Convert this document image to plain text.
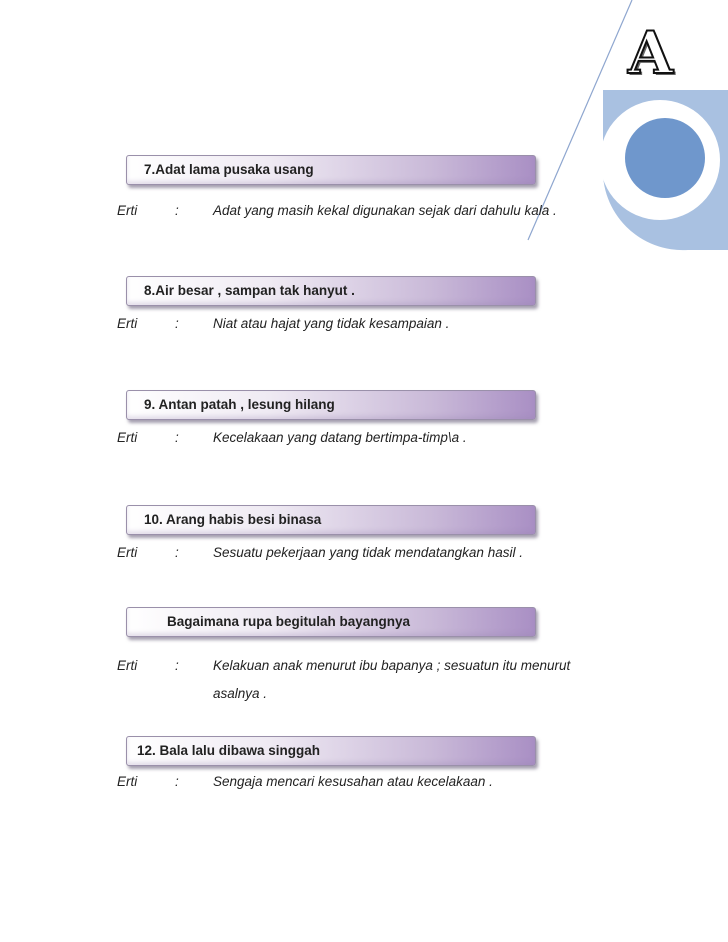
A
7.Adat lama pusaka usang
Erti	:	Adat yang masih kekal digunakan sejak dari dahulu kala .
8.Air besar , sampan tak hanyut .
Erti	:	Niat atau hajat yang tidak kesampaian .
9. Antan patah , lesung hilang
Erti	:	Kecelakaan yang datang bertimpa-timp\a .
10. Arang habis besi binasa
Erti	:	Sesuatu pekerjaan yang tidak mendatangkan hasil .
Bagaimana rupa begitulah bayangnya
Erti	:	Kelakuan anak menurut ibu bapanya ; sesuatun itu menurut
asalnya .
12. Bala lalu dibawa singgah
Erti	:	Sengaja mencari kesusahan atau kecelakaan .
